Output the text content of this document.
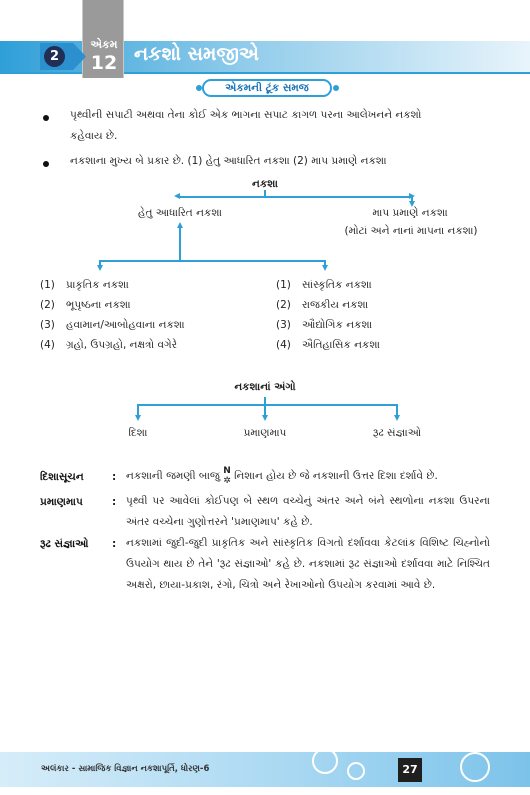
એકમ
12
2	નકશો સમજીએ
એકમની ટૂંક સમજ
પૃથ્વીની સપાટી અથવા તેના કોઈ એક ભાગના સપાટ કાગળ પરના આલેખનને નકશો
કહેવાય છે.
નકશાના મુખ્ય બે પ્રકાર છે. (1) હેતુ આધારિત નકશા (2) માપ પ્રમાણે નકશા
નકશા
હેતુ આધારિત નકશા	માપ પ્રમાણે નકશા
(મોટાં અને નાનાં માપના નકશા)
(1) પ્રાકૃતિક નકશા
(2) ભૂપૃષ્ઠના નકશા
(3) હવામાન/આબોહવાના નકશા
(4) ગ્રહો, ઉપગ્રહો, નક્ષત્રો વગેરે
(1) સાંસ્કૃતિક નકશા
(2) રાજકીય નકશા
(3) ઔદ્યોગિક નકશા
(4) ઐતિહાસિક નકશા
નકશાનાં અંગો
દિશા	પ્રમાણમાપ	રૂઢ સંજ્ઞાઓ
દિશાસૂચન	: નકશાની જમણી બાજુ N
✲ નિશાન હોય છે જે નકશાની ઉત્તર દિશા દર્શાવે છે.
પ્રમાણમાપ	: પૃથ્વી પર આવેલાં કોઈપણ બે સ્થળ વચ્ચેનું અંતર અને બંને સ્થળોના નકશા ઉપરના અંતર વચ્ચેના ગુણોત્તરને 'પ્રમાણમાપ' કહે છે.
રૂઢ સંજ્ઞાઓ : નકશામાં જુદી-જુદી પ્રાકૃતિક અને સાંસ્કૃતિક વિગતો દર્શાવવા કેટલાંક વિશિષ્ટ ચિહ્નોનો ઉપયોગ થાય છે તેને 'રૂઢ સંજ્ઞાઓ' કહે છે. નકશામાં રૂઢ સંજ્ઞાઓ દર્શાવવા માટે નિશ્ચિત અક્ષરો, છાયા-પ્રકાશ, રંગો, ચિત્રો અને રેખાઓનો ઉપયોગ કરવામાં આવે છે.
અલંકાર - સામાજિક વિજ્ઞાન નકશાપૂર્તિ, ધોરણ-6	27
